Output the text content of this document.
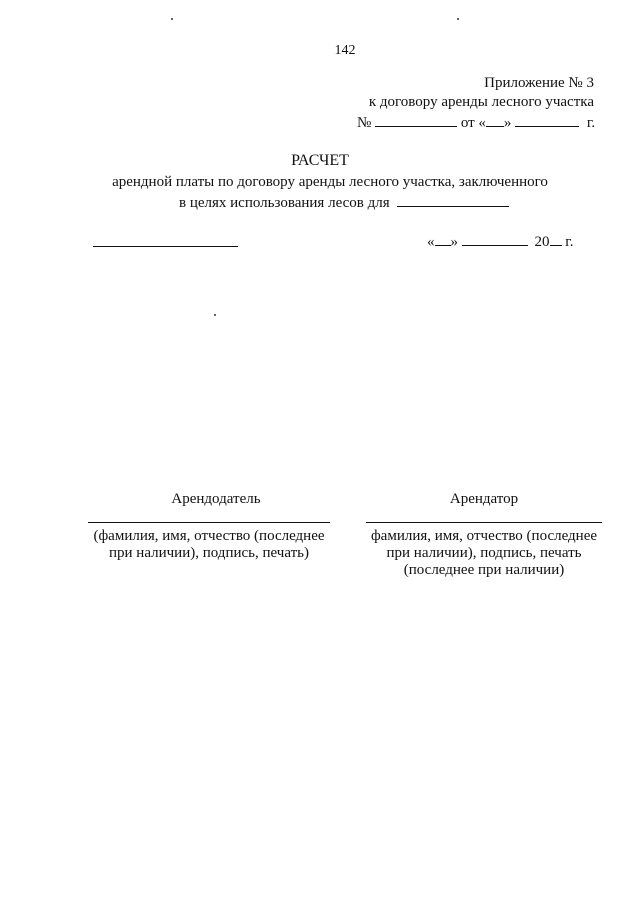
142
Приложение № 3
к договору аренды лесного участка
№	от « »	г.
РАСЧЕТ
арендной платы по договору аренды лесного участка, заключенного
в целях использования лесов для
« »	20 г.
Арендодатель
(фамилия, имя, отчество (последнее при наличии), подпись, печать)
Арендатор
фамилия, имя, отчество (последнее при наличии), подпись, печать (последнее при наличии)
